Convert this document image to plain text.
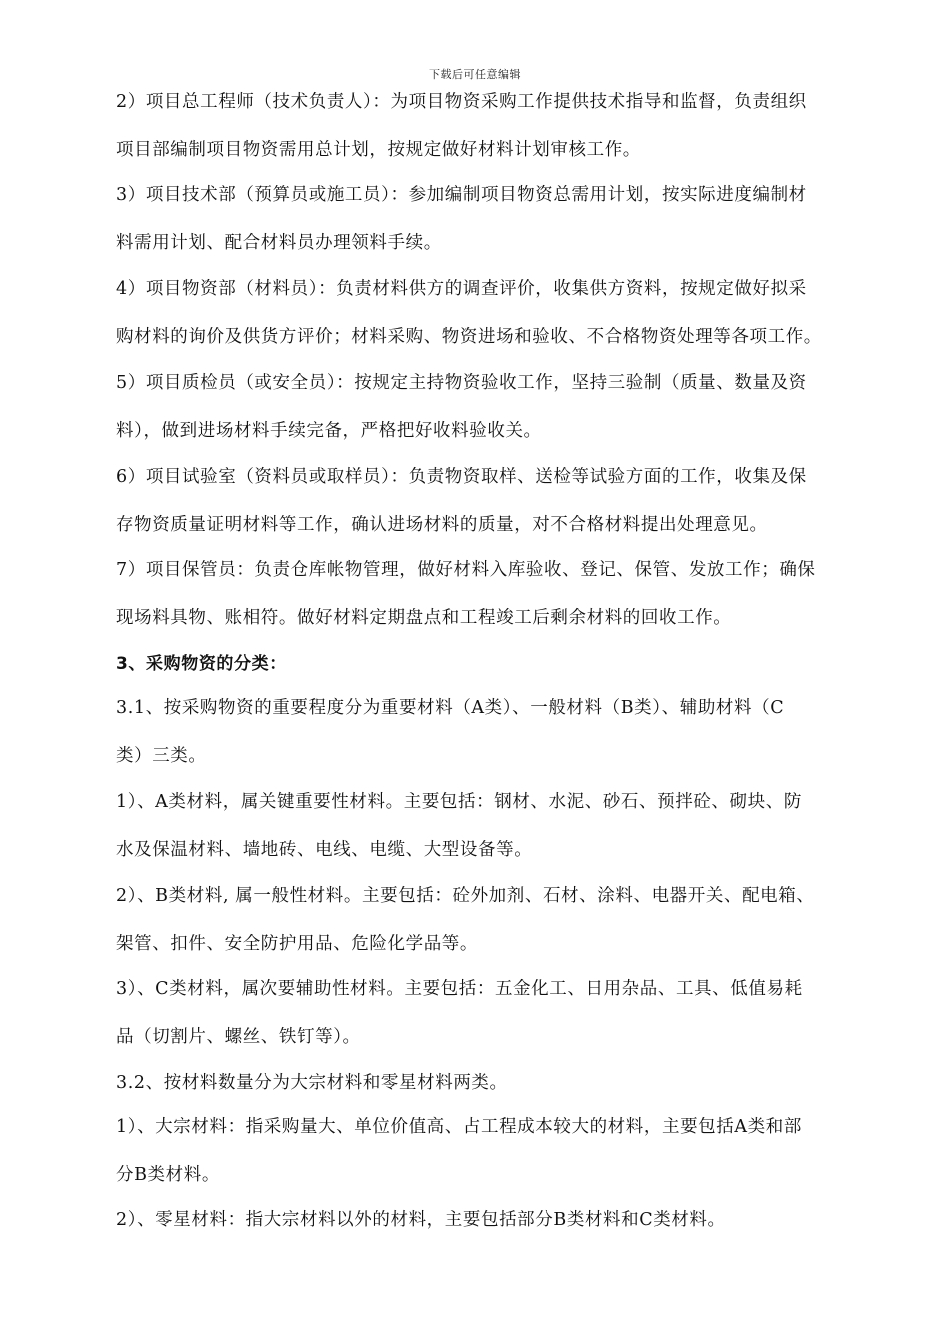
下载后可任意编辑
2）项目总工程师（技术负责人）：为项目物资采购工作提供技术指导和监督，负责组织
项目部编制项目物资需用总计划，按规定做好材料计划审核工作。
3）项目技术部（预算员或施工员）：参加编制项目物资总需用计划，按实际进度编制材
料需用计划、配合材料员办理领料手续。
4）项目物资部（材料员）：负责材料供方的调查评价，收集供方资料，按规定做好拟采
购材料的询价及供货方评价；材料采购、物资进场和验收、不合格物资处理等各项工作。
5）项目质检员（或安全员）：按规定主持物资验收工作，坚持三验制（质量、数量及资
料），做到进场材料手续完备，严格把好收料验收关。
6）项目试验室（资料员或取样员）：负责物资取样、送检等试验方面的工作，收集及保
存物资质量证明材料等工作，确认进场材料的质量，对不合格材料提出处理意见。
7）项目保管员：负责仓库帐物管理，做好材料入库验收、登记、保管、发放工作；确保
现场料具物、账相符。做好材料定期盘点和工程竣工后剩余材料的回收工作。
3、采购物资的分类：
3.1、按采购物资的重要程度分为重要材料（A类）、一般材料（B类）、辅助材料（C
类）三类。
1）、A类材料，属关键重要性材料。主要包括：钢材、水泥、砂石、预拌砼、砌块、防
水及保温材料、墙地砖、电线、电缆、大型设备等。
2）、B类材料, 属一般性材料。主要包括：砼外加剂、石材、涂料、电器开关、配电箱、
架管、扣件、安全防护用品、危险化学品等。
3）、C类材料，属次要辅助性材料。主要包括：五金化工、日用杂品、工具、低值易耗
品（切割片、螺丝、铁钉等）。
3.2、按材料数量分为大宗材料和零星材料两类。
1）、大宗材料：指采购量大、单位价值高、占工程成本较大的材料，主要包括A类和部
分B类材料。
2）、零星材料：指大宗材料以外的材料，主要包括部分B类材料和C类材料。
